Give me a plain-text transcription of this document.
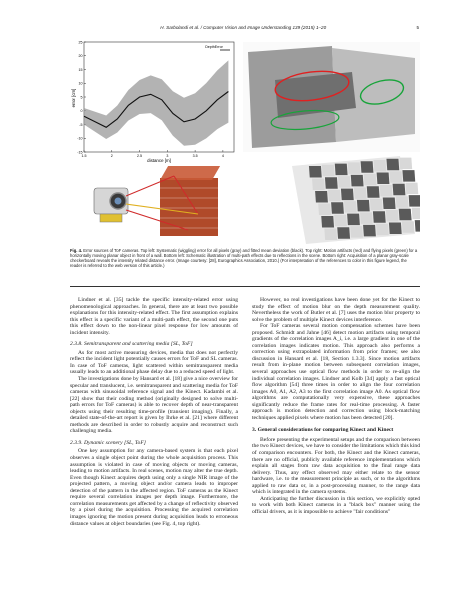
H. Sarbolandi et al. / Computer Vision and Image Understanding 139 (2015) 1–20	5
25
20
15
10
5
0
-5
-10
-15
1.5	2	2.5	3	3.5	4
error [cm]
distance [m]
DepthError
Fig. 4. Error sources of ToF cameras. Top left: Systematic (wiggling) error for all pixels (gray) and fitted mean deviation (black). Top right: Motion artifacts (red) and flying pixels (green) for a horizontally moving planar object in front of a wall. Bottom left: Schematic illustration of multi-path effects due to reflections in the scene. Bottom right: Acquisition of a planar gray-scale checkerboard reveals the intensity related distance error. (Image courtesy: [28], Eurographics Association, 2010.) (For interpretation of the references to color in this figure legend, the reader is referred to the web version of this article.)

Lindner et al. [35] tackle the specific intensity-related error using phenomenological approaches. In general, there are at least two possible explanations for this intensity-related effect. The first assumption explains this effect is a specific variant of a multi-path effect, the second one puts this effect down to the non-linear pixel response for low amounts of incident intensity.

2.3.8. Semitransparent and scattering media [SL, ToF]

As for most active measuring devices, media that does not perfectly reflect the incident light potentially causes errors for ToF and SL cameras. In case of ToF cameras, light scattered within semitransparent media usually leads to an additional phase delay due to a reduced speed of light.

The investigations done by Hansard et al. [18] give a nice overview for specular and translucent, i.e. semitransparent and scattering media for ToF cameras with sinusoidal reference signal and the Kinect. Kadambi et al. [22] show that their coding method (originally designed to solve multi-path errors for ToF cameras) is able to recover depth of near-transparent objects using their resulting time-profile (transient imaging). Finally, a detailed state-of-the-art report is given by Ihrke et al. [21] where different methods are described in order to robustly acquire and reconstruct such challenging media.

2.3.9. Dynamic scenery [SL, ToF]

One key assumption for any camera-based system is that each pixel observes a single object point during the whole acquisition process. This assumption is violated in case of moving objects or moving cameras, leading to motion artifacts. In real scenes, motion may alter the true depth. Even though Kinect acquires depth using only a single NIR image of the projected pattern, a moving object and/or camera leads to improper detection of the pattern in the affected region. ToF cameras as the Kinect require several correlation images per depth image. Furthermore, the correlation measurements get affected by a change of reflectivity observed by a pixel during the acquisition. Processing the acquired correlation images ignoring the motion present during acquisition leads to erroneous distance values at object boundaries (see Fig. 4, top right).

However, no real investigations have been done yet for the Kinect to study the effect of motion blur on the depth measurement quality. Nevertheless the work of Butler et al. [7] uses the motion blur property to solve the problem of multiple Kinect devices interference.

For ToF cameras several motion compensation schemes have been proposed. Schmidt and Jahne [46] detect motion artifacts using temporal gradients of the correlation images A_i, i.e. a large gradient in one of the correlation images indicates motion. This approach also performs a correction using extrapolated information from prior frames; see also discussion in Hansard et al. [18, Section 1.3.3]. Since motion artifacts result from in-plane motion between subsequent correlation images, several approaches use optical flow methods in order to re-align the individual correlation images. Lindner and Kolb [34] apply a fast optical flow algorithm [54] three times in order to align the four correlation images A0, A1, A2, A3 to the first correlation image A0. As optical flow algorithms are computationally very expensive, these approaches significantly reduce the frame rates for real-time processing. A faster approach is motion detection and correction using block-matching techniques applied pixels where motion has been detected [20].

3. General considerations for comparing Kinect and Kinect

Before presenting the experimental setups and the comparison between the two Kinect devices, we have to consider the limitations which this kind of comparison encounters. For both, the Kinect and the Kinect cameras, there are no official, publicly available reference implementations which explain all stages from raw data acquisition to the final range data delivery. Thus, any effect observed may either relate to the sensor hardware, i.e. to the measurement principle as such, or to the algorithms applied to raw data or, in a post-processing manner, to the range data which is integrated in the camera systems.

Anticipating the further discussion in this section, we explicitly opted to work with both Kinect cameras in a "black box" manner using the official drivers, as it is impossible to achieve "fair conditions"
